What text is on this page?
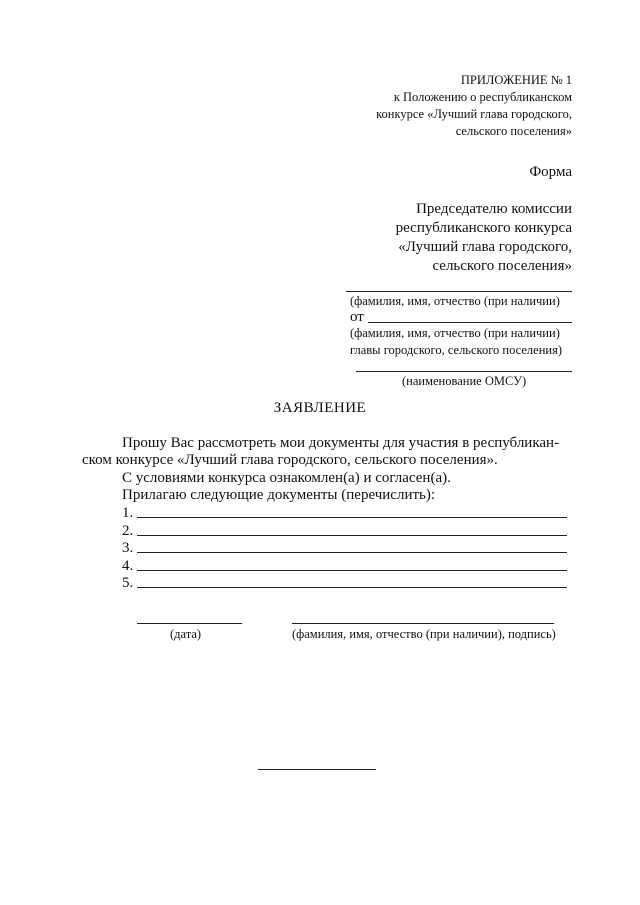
ПРИЛОЖЕНИЕ № 1
к Положению о республиканском
конкурсе «Лучший глава городского,
сельского поселения»
Форма
Председателю комиссии
республиканского конкурса
«Лучший глава городского,
сельского поселения»
(фамилия, имя, отчество (при наличии)
от
(фамилия, имя, отчество (при наличии)
главы городского, сельского поселения)
(наименование ОМСУ)
ЗАЯВЛЕНИЕ
Прошу Вас рассмотреть мои документы для участия в республикан-
ском конкурсе «Лучший глава городского, сельского поселения».
С условиями конкурса ознакомлен(а) и согласен(а).
Прилагаю следующие документы (перечислить):
1.
2.
3.
4.
5.
(дата)	(фамилия, имя, отчество (при наличии), подпись)
